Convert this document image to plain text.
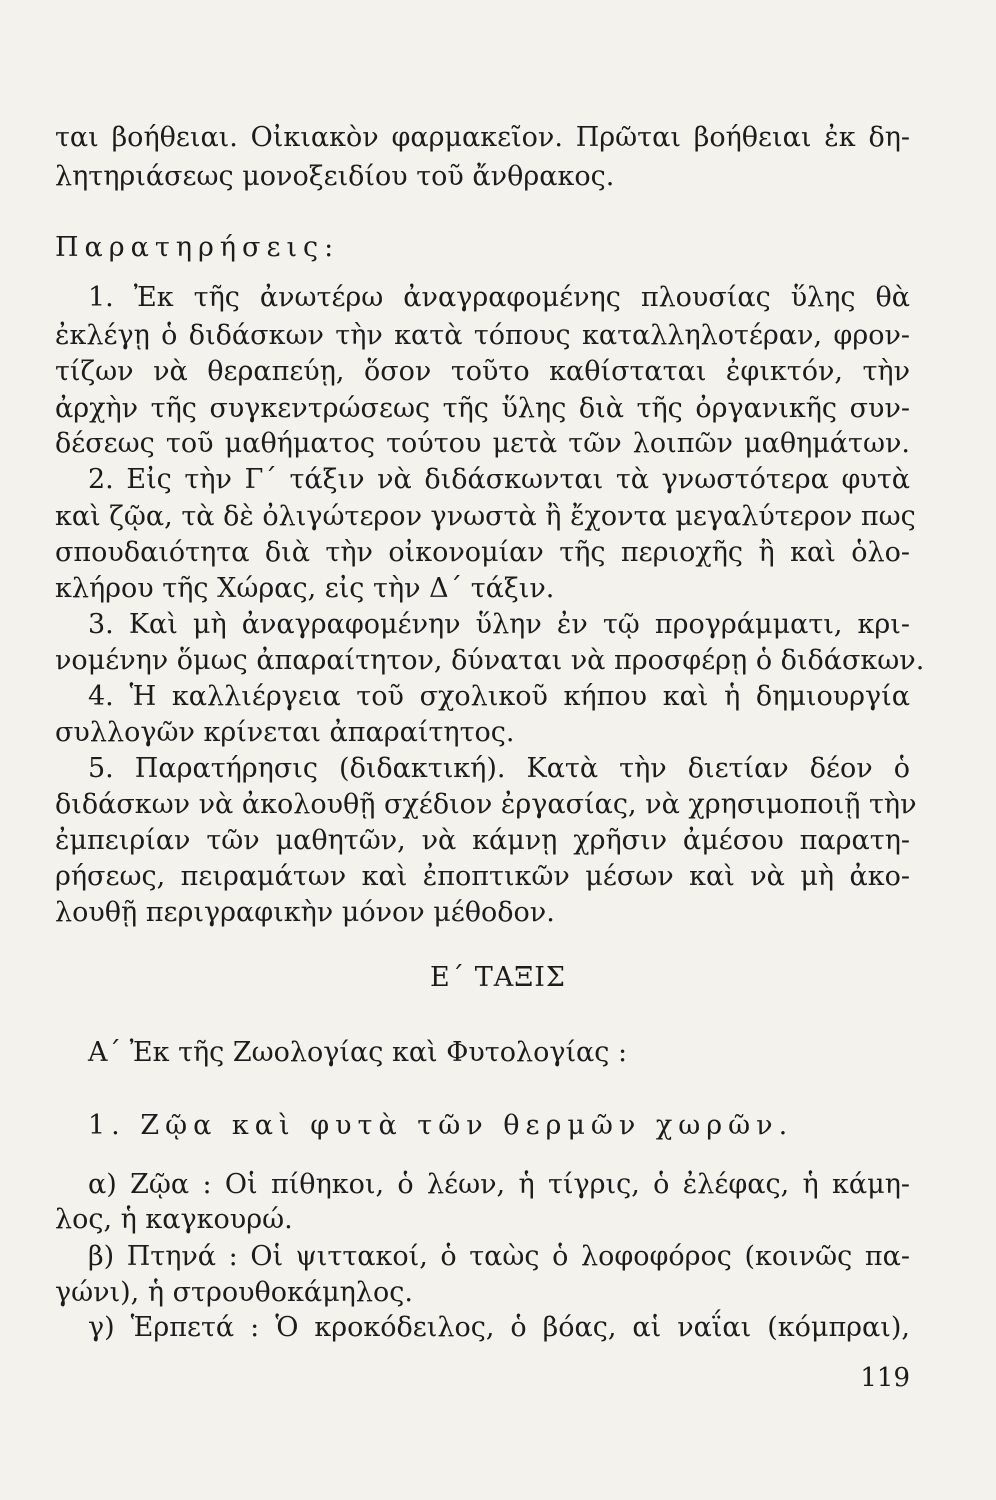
ται βοήθειαι. Οἰκιακὸν φαρμακεῖον. Πρῶται βοήθειαι ἐκ δη-
λητηριάσεως μονοξειδίου τοῦ ἄνθρακος.
Παρατηρήσεις:
1. Ἐκ τῆς ἀνωτέρω ἀναγραφομένης πλουσίας ὕλης θὰ
ἐκλέγῃ ὁ διδάσκων τὴν κατὰ τόπους καταλληλοτέραν, φρον-
τίζων νὰ θεραπεύῃ, ὅσον τοῦτο καθίσταται ἐφικτόν, τὴν
ἀρχὴν τῆς συγκεντρώσεως τῆς ὕλης διὰ τῆς ὀργανικῆς συν-
δέσεως τοῦ μαθήματος τούτου μετὰ τῶν λοιπῶν μαθημάτων.
2. Εἰς τὴν Γ΄ τάξιν νὰ διδάσκωνται τὰ γνωστότερα φυτὰ
καὶ ζῷα, τὰ δὲ ὀλιγώτερον γνωστὰ ἢ ἔχοντα μεγαλύτερον πως
σπουδαιότητα διὰ τὴν οἰκονομίαν τῆς περιοχῆς ἢ καὶ ὁλο-
κλήρου τῆς Χώρας, εἰς τὴν Δ΄ τάξιν.
3. Καὶ μὴ ἀναγραφομένην ὕλην ἐν τῷ προγράμματι, κρι-
νομένην ὅμως ἀπαραίτητον, δύναται νὰ προσφέρῃ ὁ διδάσκων.
4. Ἡ καλλιέργεια τοῦ σχολικοῦ κήπου καὶ ἡ δημιουργία
συλλογῶν κρίνεται ἀπαραίτητος.
5. Παρατήρησις (διδακτική). Κατὰ τὴν διετίαν δέον ὁ
διδάσκων νὰ ἀκολουθῇ σχέδιον ἐργασίας, νὰ χρησιμοποιῇ τὴν
ἐμπειρίαν τῶν μαθητῶν, νὰ κάμνῃ χρῆσιν ἀμέσου παρατη-
ρήσεως, πειραμάτων καὶ ἐποπτικῶν μέσων καὶ νὰ μὴ ἀκο-
λουθῇ περιγραφικὴν μόνον μέθοδον.
Ε΄ ΤΑΞΙΣ
Α΄ Ἐκ τῆς Ζωολογίας καὶ Φυτολογίας :
1. Ζῷα καὶ φυτὰ τῶν θερμῶν χωρῶν.
α) Ζῷα : Οἱ πίθηκοι, ὁ λέων, ἡ τίγρις, ὁ ἐλέφας, ἡ κάμη-
λος, ἡ καγκουρώ.
β) Πτηνά : Οἱ ψιττακοί, ὁ ταὼς ὁ λοφοφόρος (κοινῶς πα-
γώνι), ἡ στρουθοκάμηλος.
γ) Ἑρπετά : Ὁ κροκόδειλος, ὁ βόας, αἱ ναΐαι (κόμπραι),
119
